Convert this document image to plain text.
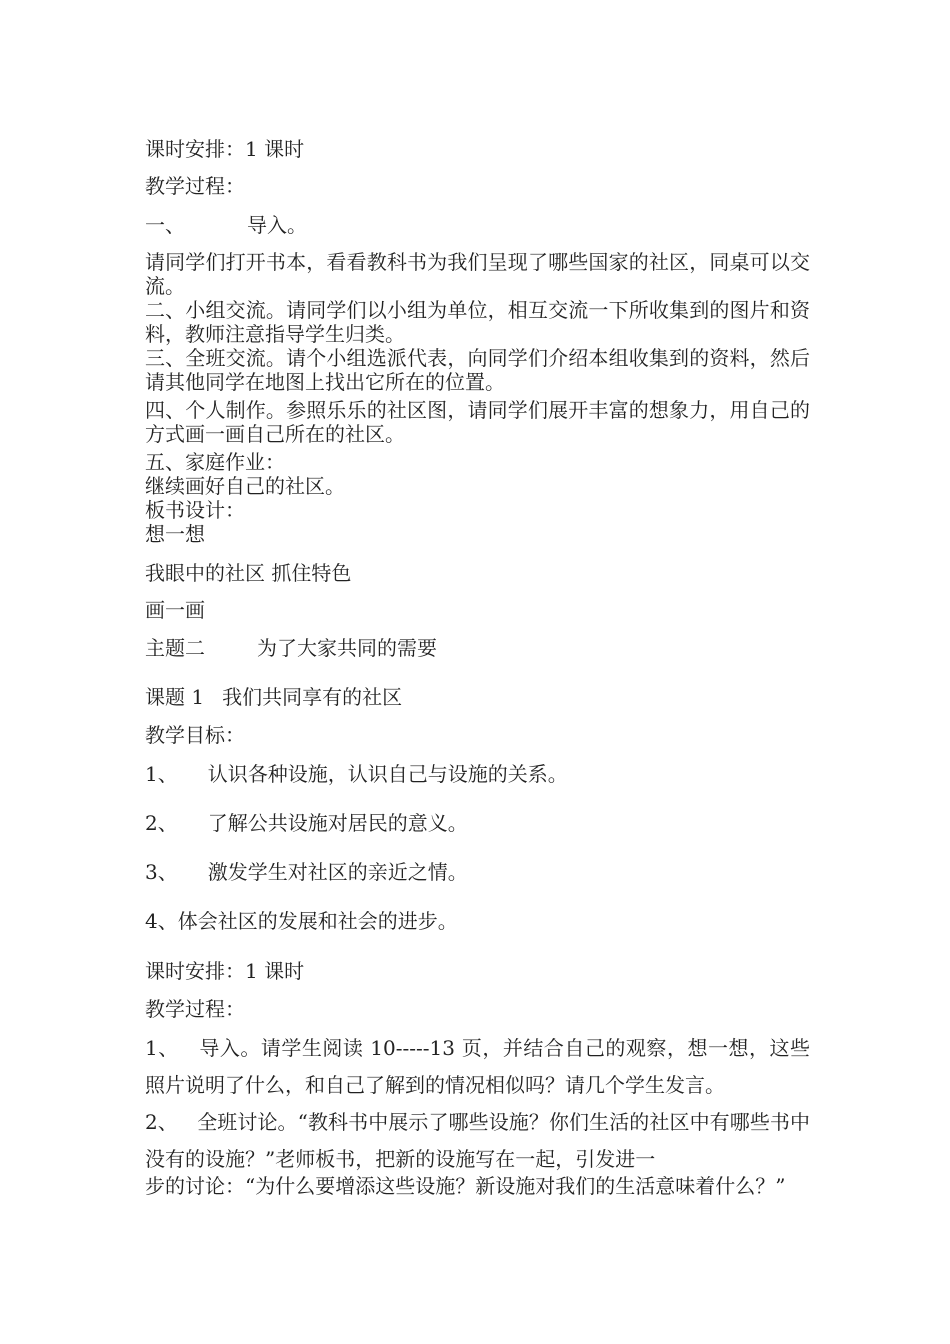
课时安排：1 课时
教学过程：
一、	导入。
请同学们打开书本，看看教科书为我们呈现了哪些国家的社区，同桌可以交流。
二、小组交流。请同学们以小组为单位，相互交流一下所收集到的图片和资料，教师注意指导学生归类。
三、全班交流。请个小组选派代表，向同学们介绍本组收集到的资料，然后请其他同学在地图上找出它所在的位置。
四、个人制作。参照乐乐的社区图，请同学们展开丰富的想象力，用自己的方式画一画自己所在的社区。
五、家庭作业：
继续画好自己的社区。
板书设计：
想一想
我眼中的社区 抓住特色
画一画
主题二	为了大家共同的需要
课题 1 我们共同享有的社区
教学目标：
1、 认识各种设施，认识自己与设施的关系。
2、 了解公共设施对居民的意义。
3、 激发学生对社区的亲近之情。
4、体会社区的发展和社会的进步。
课时安排：1 课时
教学过程：
1、   导入。请学生阅读 10-----13 页，并结合自己的观察，想一想，这些照片说明了什么，和自己了解到的情况相似吗？请几个学生发言。
2、   全班讨论。“教科书中展示了哪些设施？你们生活的社区中有哪些书中没有的设施？”老师板书，把新的设施写在一起，引发进一
步的讨论：“为什么要增添这些设施？新设施对我们的生活意味着什么？”
